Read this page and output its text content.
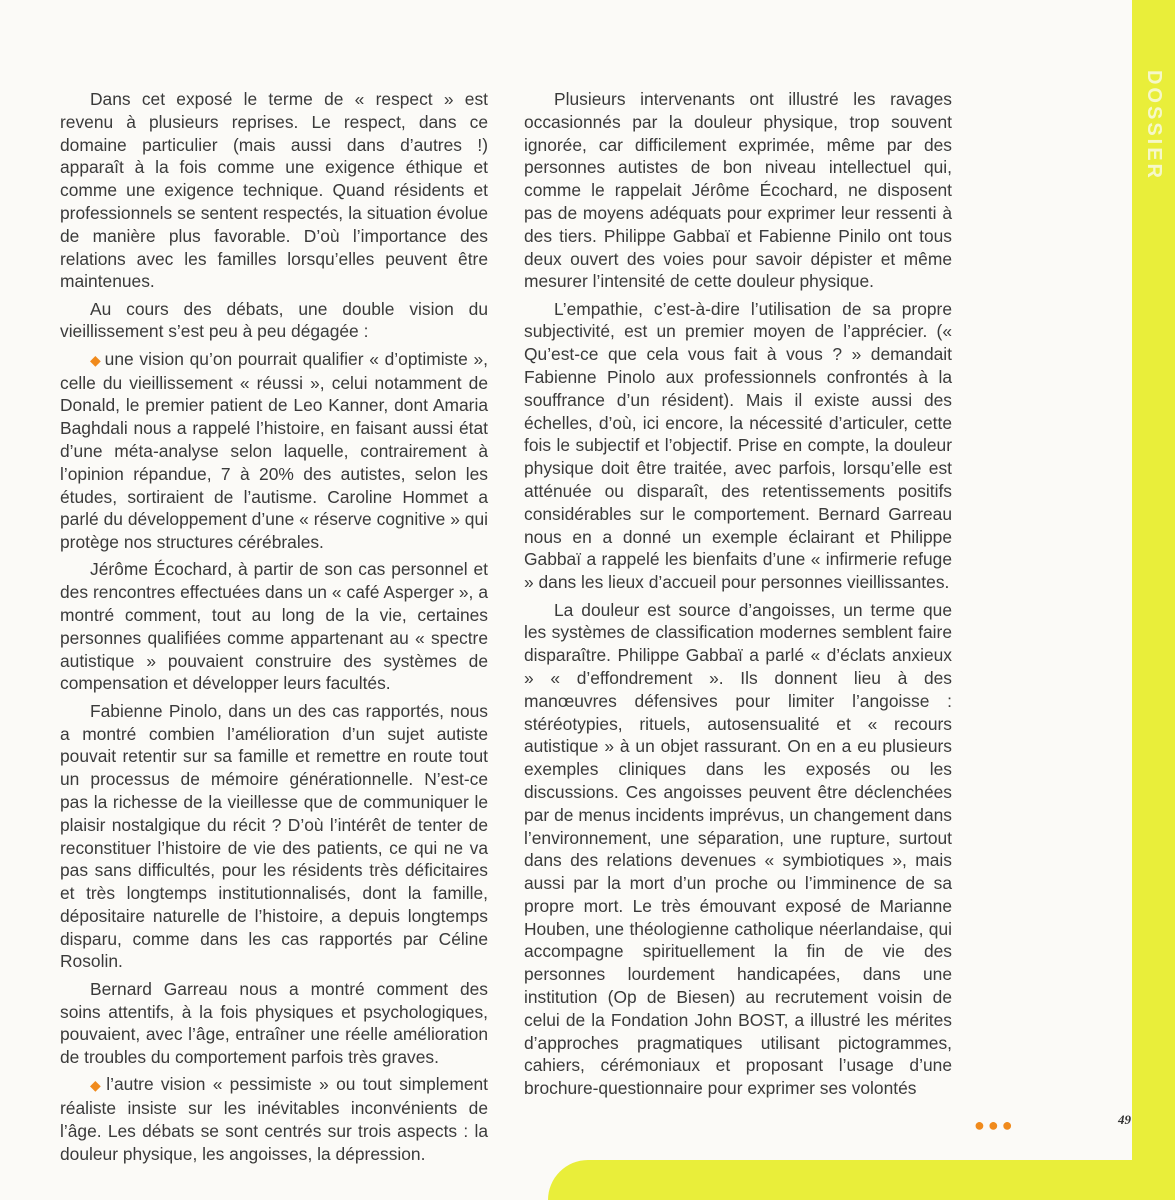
DOSSIER

Dans cet exposé le terme de « respect » est revenu à plusieurs reprises. Le respect, dans ce domaine particulier (mais aussi dans d’autres !) apparaît à la fois comme une exigence éthique et comme une exigence technique. Quand résidents et professionnels se sentent respectés, la situation évolue de manière plus favorable. D’où l’importance des relations avec les familles lorsqu’elles peuvent être maintenues.

Au cours des débats, une double vision du vieillissement s’est peu à peu dégagée :

◆ une vision qu’on pourrait qualifier « d’optimiste », celle du vieillissement « réussi », celui notamment de Donald, le premier patient de Leo Kanner, dont Amaria Baghdali nous a rappelé l’histoire, en faisant aussi état d’une méta-analyse selon laquelle, contrairement à l’opinion répandue, 7 à 20% des autistes, selon les études, sortiraient de l’autisme. Caroline Hommet a parlé du développement d’une « réserve cognitive » qui protège nos structures cérébrales.

Jérôme Écochard, à partir de son cas personnel et des rencontres effectuées dans un « café Asperger », a montré comment, tout au long de la vie, certaines personnes qualifiées comme appartenant au « spectre autistique » pouvaient construire des systèmes de compensation et développer leurs facultés.

Fabienne Pinolo, dans un des cas rapportés, nous a montré combien l’amélioration d’un sujet autiste pouvait retentir sur sa famille et remettre en route tout un processus de mémoire générationnelle. N’est-ce pas la richesse de la vieillesse que de communiquer le plaisir nostalgique du récit ? D’où l’intérêt de tenter de reconstituer l’histoire de vie des patients, ce qui ne va pas sans difficultés, pour les résidents très déficitaires et très longtemps institutionnalisés, dont la famille, dépositaire naturelle de l’histoire, a depuis longtemps disparu, comme dans les cas rapportés par Céline Rosolin.

Bernard Garreau nous a montré comment des soins attentifs, à la fois physiques et psychologiques, pouvaient, avec l’âge, entraîner une réelle amélioration de troubles du comportement parfois très graves.

◆ l’autre vision « pessimiste » ou tout simplement réaliste insiste sur les inévitables inconvénients de l’âge. Les débats se sont centrés sur trois aspects : la douleur physique, les angoisses, la dépression.

Plusieurs intervenants ont illustré les ravages occasionnés par la douleur physique, trop souvent ignorée, car difficilement exprimée, même par des personnes autistes de bon niveau intellectuel qui, comme le rappelait Jérôme Écochard, ne disposent pas de moyens adéquats pour exprimer leur ressenti à des tiers. Philippe Gabbaï et Fabienne Pinilo ont tous deux ouvert des voies pour savoir dépister et même mesurer l’intensité de cette douleur physique.

L’empathie, c’est-à-dire l’utilisation de sa propre subjectivité, est un premier moyen de l’apprécier. (« Qu’est-ce que cela vous fait à vous ? » demandait Fabienne Pinolo aux professionnels confrontés à la souffrance d’un résident). Mais il existe aussi des échelles, d’où, ici encore, la nécessité d’articuler, cette fois le subjectif et l’objectif. Prise en compte, la douleur physique doit être traitée, avec parfois, lorsqu’elle est atténuée ou disparaît, des retentissements positifs considérables sur le comportement. Bernard Garreau nous en a donné un exemple éclairant et Philippe Gabbaï a rappelé les bienfaits d’une « infirmerie refuge » dans les lieux d’accueil pour personnes vieillissantes.

La douleur est source d’angoisses, un terme que les systèmes de classification modernes semblent faire disparaître. Philippe Gabbaï a parlé « d’éclats anxieux » « d’effondrement ». Ils donnent lieu à des manœuvres défensives pour limiter l’angoisse : stéréotypies, rituels, autosensualité et « recours autistique » à un objet rassurant. On en a eu plusieurs exemples cliniques dans les exposés ou les discussions. Ces angoisses peuvent être déclenchées par de menus incidents imprévus, un changement dans l’environnement, une séparation, une rupture, surtout dans des relations devenues « symbiotiques », mais aussi par la mort d’un proche ou l’imminence de sa propre mort. Le très émouvant exposé de Marianne Houben, une théologienne catholique néerlandaise, qui accompagne spirituellement la fin de vie des personnes lourdement handicapées, dans une institution (Op de Biesen) au recrutement voisin de celui de la Fondation John BOST, a illustré les mérites d’approches pragmatiques utilisant pictogrammes, cahiers, cérémoniaux et proposant l’usage d’une brochure-questionnaire pour exprimer ses volontés

●●●	49
